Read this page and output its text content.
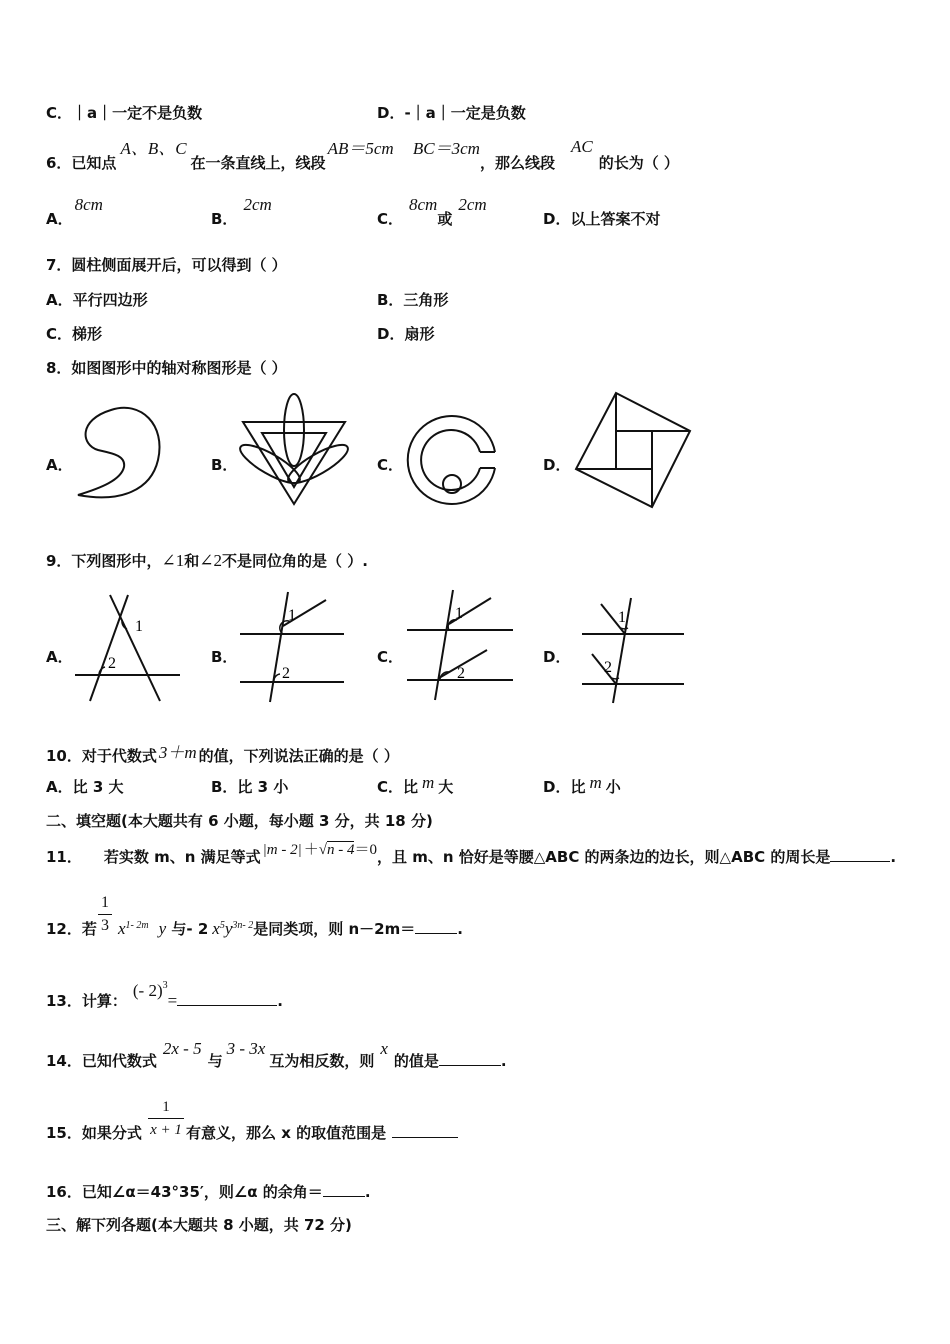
C．｜a｜一定不是负数	D．-｜a｜一定是负数
6．已知点A、B、C在一条直线上，线段AB＝5cm BC＝3cm，那么线段AC的长为（ ）
A．8cm
B．2cm
C．8cm或2cm
D．以上答案不对
7．圆柱侧面展开后，可以得到（ ）
A．平行四边形	B．三角形
C．梯形	D．扇形
8．如图图形中的轴对称图形是（ ）
A．	B．	C．	D．
9．下列图形中，∠1和∠2不是同位角的是（ ）.
A．	B．	C．	D．
1
2
1
2
1
2
1
2
10．对于代数式 3＋m 的值，下列说法正确的是（ ）
A．比 3 大	B．比 3 小	C．比 m 大	D．比 m 小
二、填空题(本大题共有 6 小题，每小题 3 分，共 18 分)
11． 若实数 m、n 满足等式 |m - 2| ＋√n - 4＝0，且 m、n 恰好是等腰△ABC 的两条边的边长，则△ABC 的周长是	.
1
3
12．若 $x^{1- 2m}$ y 与- 2 $x^5y^{3n- 2}$是同类项，则 n－2m＝	.
13．计算：(- 2)$^3$=	.
14．已知代数式2x - 5与3 - 3x互为相反数，则x的值是	.
1
x + 1
15．如果分式	有意义，那么 x 的取值范围是
16．已知∠α＝43°35′，则∠α 的余角＝	.
三、解下列各题(本大题共 8 小题，共 72 分)
